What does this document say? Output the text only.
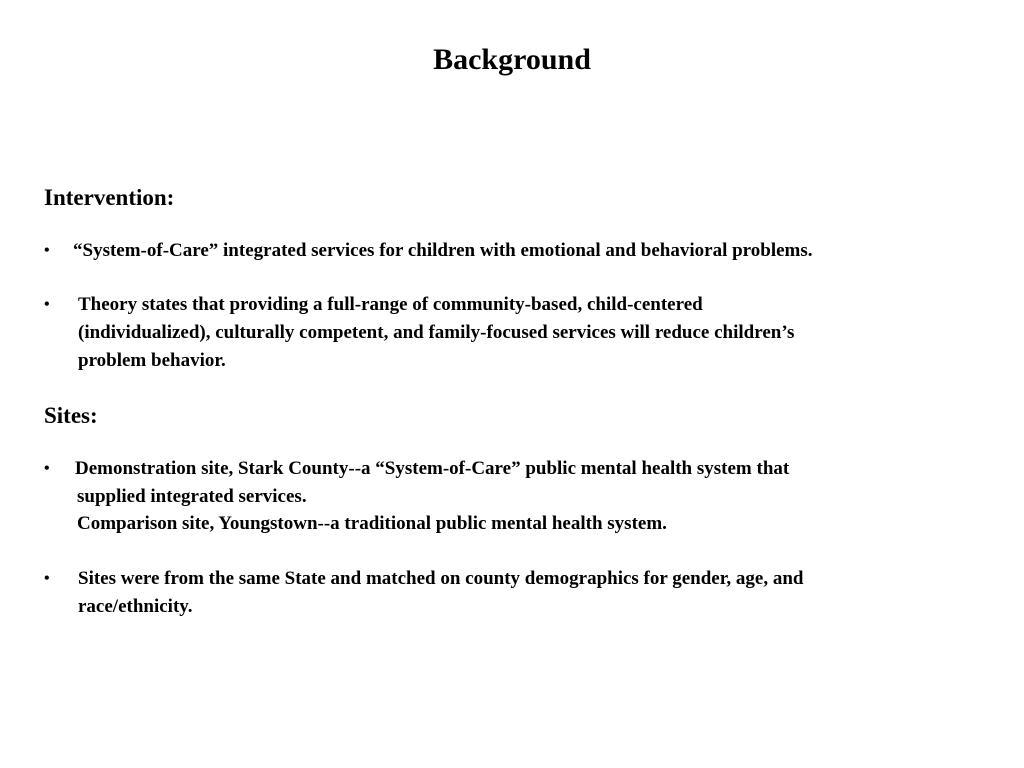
Background
Intervention:
• “System-of-Care” integrated services for children with emotional and behavioral problems.
• Theory states that providing a full-range of community-based, child-centered
(individualized), culturally competent, and family-focused services will reduce children’s
problem behavior.
Sites:
• Demonstration site, Stark County--a “System-of-Care” public mental health system that
supplied integrated services.
Comparison site, Youngstown--a traditional public mental health system.
• Sites were from the same State and matched on county demographics for gender, age, and
race/ethnicity.
